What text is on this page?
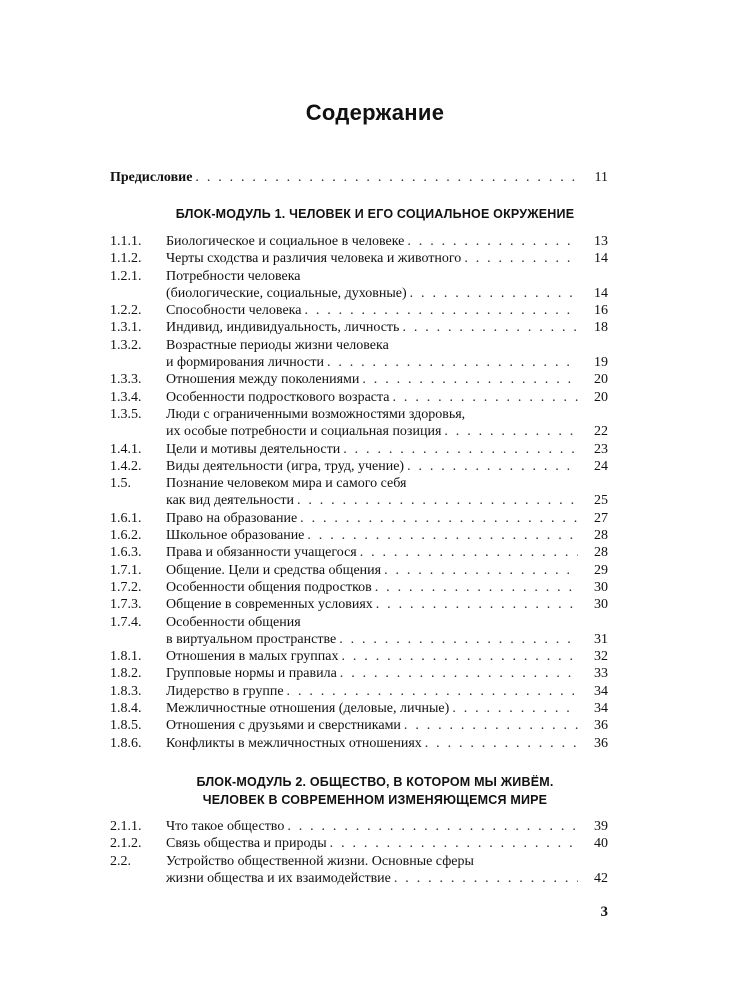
Содержание
Предисловие . . .	11
БЛОК-МОДУЛЬ 1. ЧЕЛОВЕК И ЕГО СОЦИАЛЬНОЕ ОКРУЖЕНИЕ
1.1.1.	Биологическое и социальное в человеке . . .	13
1.1.2.	Черты сходства и различия человека и животного . . .	14
1.2.1.	Потребности человека
(биологические, социальные, духовные) . . .	14
1.2.2.	Способности человека . . .	16
1.3.1.	Индивид, индивидуальность, личность . . .	18
1.3.2.	Возрастные периоды жизни человека
и формирования личности . . .	19
1.3.3.	Отношения между поколениями . . .	20
1.3.4.	Особенности подросткового возраста . . .	20
1.3.5.	Люди с ограниченными возможностями здоровья,
их особые потребности и социальная позиция . . .	22
1.4.1.	Цели и мотивы деятельности . . .	23
1.4.2.	Виды деятельности (игра, труд, учение) . . .	24
1.5.	Познание человеком мира и самого себя
как вид деятельности . . .	25
1.6.1.	Право на образование . . .	27
1.6.2.	Школьное образование . . .	28
1.6.3.	Права и обязанности учащегося . . .	28
1.7.1.	Общение. Цели и средства общения . . .	29
1.7.2.	Особенности общения подростков . . .	30
1.7.3.	Общение в современных условиях . . .	30
1.7.4.	Особенности общения
в виртуальном пространстве . . .	31
1.8.1.	Отношения в малых группах . . .	32
1.8.2.	Групповые нормы и правила . . .	33
1.8.3.	Лидерство в группе . . .	34
1.8.4.	Межличностные отношения (деловые, личные) . . .	34
1.8.5.	Отношения с друзьями и сверстниками . . .	36
1.8.6.	Конфликты в межличностных отношениях . . .	36
БЛОК-МОДУЛЬ 2. ОБЩЕСТВО, В КОТОРОМ МЫ ЖИВЁМ.
ЧЕЛОВЕК В СОВРЕМЕННОМ ИЗМЕНЯЮЩЕМСЯ МИРЕ
2.1.1.	Что такое общество . . .	39
2.1.2.	Связь общества и природы . . .	40
2.2.	Устройство общественной жизни. Основные сферы
жизни общества и их взаимодействие . . .	42
3
